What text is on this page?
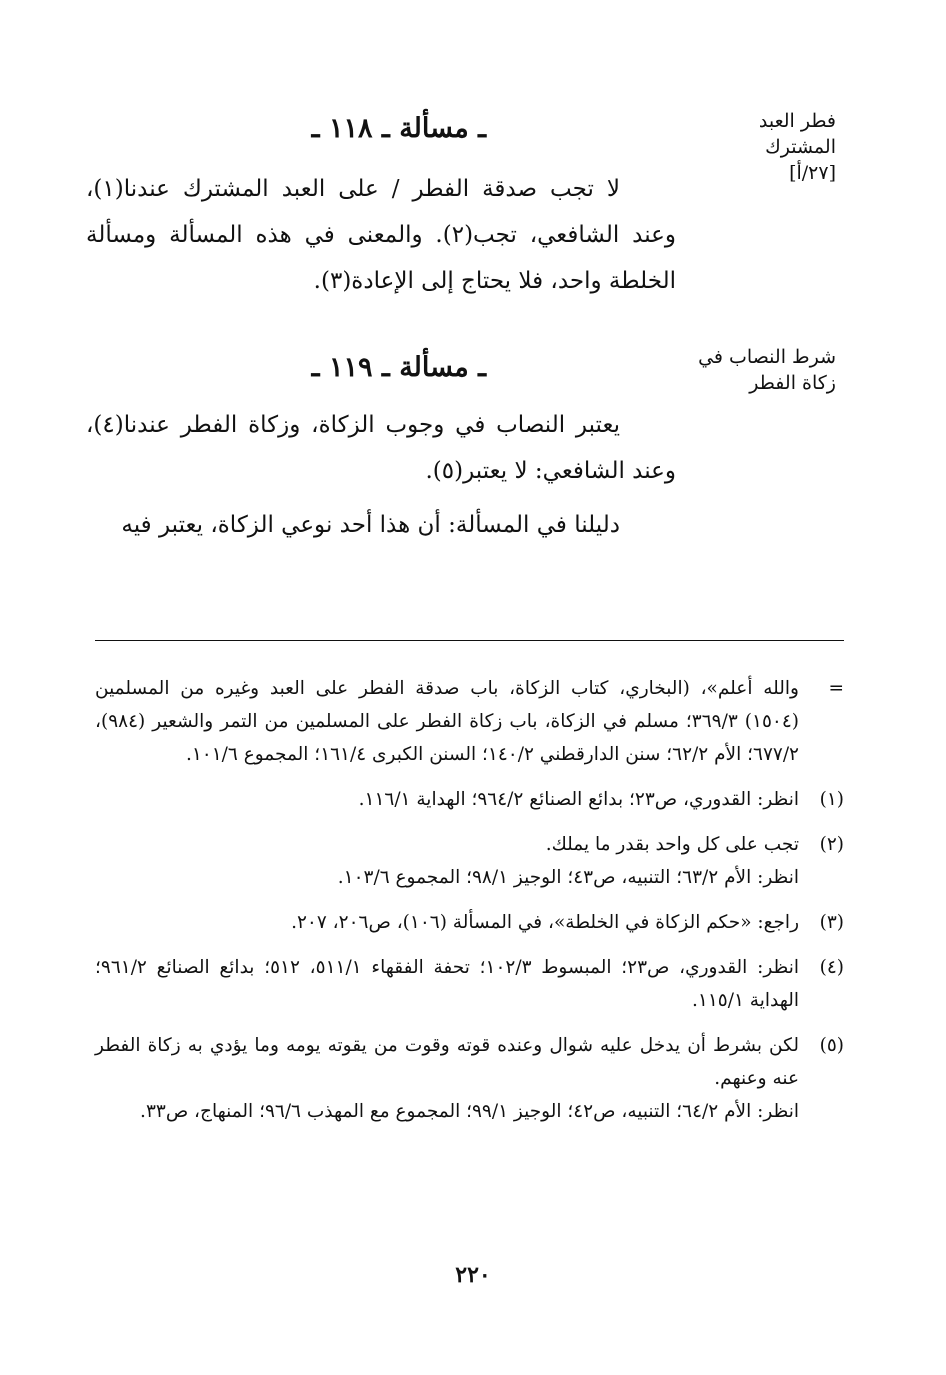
فطر العبد
المشترك
[٢٧/أ]
ـ مسألة ـ ١١٨ ـ
لا تجب صدقة الفطر / على العبد المشترك عندنا(١)، وعند الشافعي، تجب(٢). والمعنى في هذه المسألة ومسألة الخلطة واحد، فلا يحتاج إلى الإعادة(٣).
شرط النصاب في
زكاة الفطر
ـ مسألة ـ ١١٩ ـ
يعتبر النصاب في وجوب الزكاة، وزكاة الفطر عندنا(٤)، وعند الشافعي: لا يعتبر(٥).
دليلنا في المسألة: أن هذا أحد نوعي الزكاة، يعتبر فيه
=
والله أعلم»، (البخاري، كتاب الزكاة، باب صدقة الفطر على العبد وغيره من المسلمين (١٥٠٤) ٣٦٩/٣؛ مسلم في الزكاة، باب زكاة الفطر على المسلمين من التمر والشعير (٩٨٤)، ٦٧٧/٢؛ الأم ٦٢/٢؛ سنن الدارقطني ١٤٠/٢؛ السنن الكبرى ١٦١/٤؛ المجموع ١٠١/٦.
(١)
انظر: القدوري، ص٢٣؛ بدائع الصنائع ٩٦٤/٢؛ الهداية ١١٦/١.
(٢)
تجب على كل واحد بقدر ما يملك.
انظر: الأم ٦٣/٢؛ التنبيه، ص٤٣؛ الوجيز ٩٨/١؛ المجموع ١٠٣/٦.
(٣)
راجع: «حكم الزكاة في الخلطة»، في المسألة (١٠٦)، ص٢٠٦، ٢٠٧.
(٤)
انظر: القدوري، ص٢٣؛ المبسوط ١٠٢/٣؛ تحفة الفقهاء ٥١١/١، ٥١٢؛ بدائع الصنائع ٩٦١/٢؛ الهداية ١١٥/١.
(٥)
لكن بشرط أن يدخل عليه شوال وعنده قوته وقوت من يقوته يومه وما يؤدي به زكاة الفطر عنه وعنهم.
انظر: الأم ٦٤/٢؛ التنبيه، ص٤٢؛ الوجيز ٩٩/١؛ المجموع مع المهذب ٩٦/٦؛ المنهاج، ص٣٣.
٢٢٠
